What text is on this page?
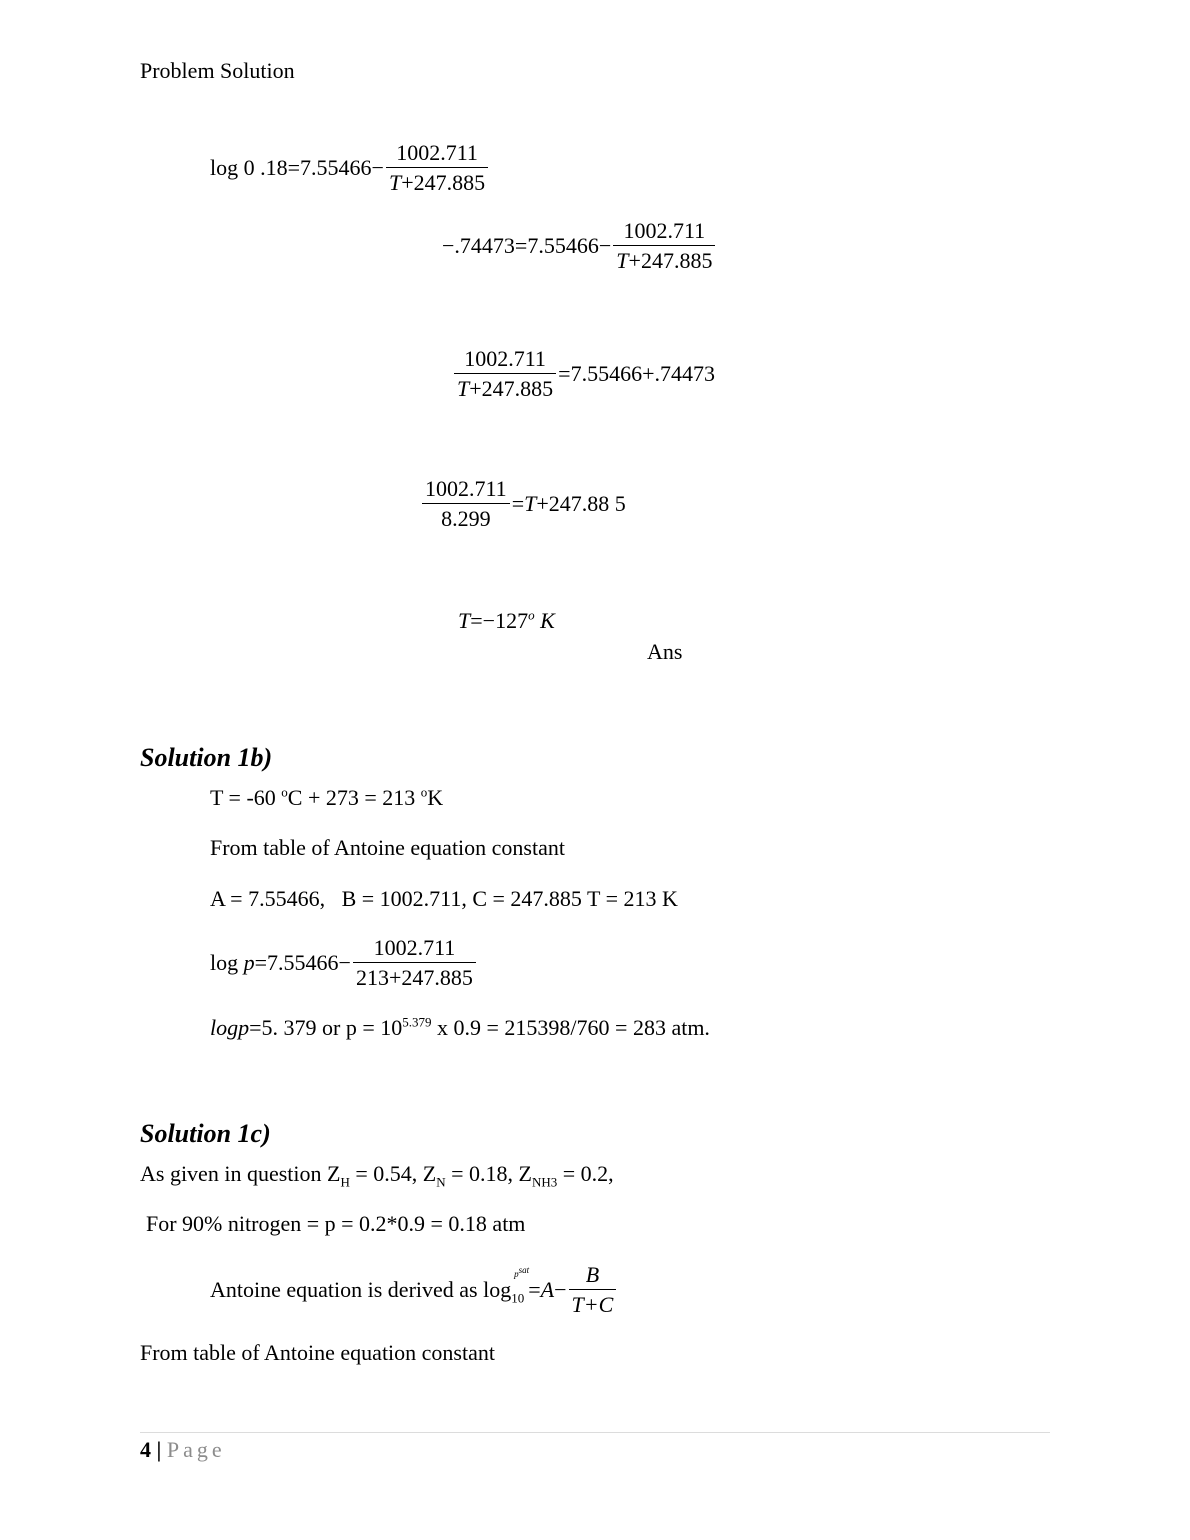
Problem Solution
log 0 $.18 = 7.55466 - \frac{1002.711}{T+247.885}$
$-.74473 = 7.55466 - \frac{1002.711}{T+247.885}$
$\frac{1002.711}{T+247.885} =7.55466+.74473$
$\frac{1002.711}{8.299} = T +247.88$ 5
$T=-127^o$ K
Ans
Solution 1b)
T = -60 $^o$C + 273 = 213 $^o$K
From table of Antoine equation constant
A = 7.55466,   B = 1002.711, C = 247.885 T = 213 K
$\log p =7.55466- \frac{1002.711}{213+247.885}$
logp=5. 379 or $p = 10^{5.379}$ x 0.9 = 215398/760 = 283 atm.
Solution 1c)
As given in question $Z_H = 0.54$, $Z_N = 0.18$, $Z_{NH3} = 0.2$,
For 90% nitrogen = p = 0.2*0.9 = 0.18 atm
Antoine equation is derived as log
$p^{sat}$
$_{10} = A - \frac{B}{T+C}$
From table of Antoine equation constant
4 | Page
